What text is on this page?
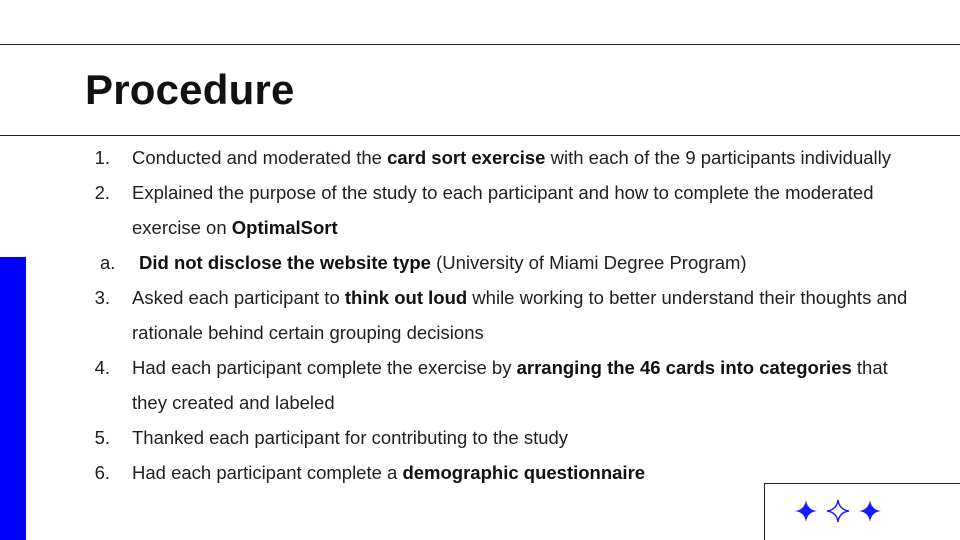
Procedure
1. Conducted and moderated the card sort exercise with each of the 9 participants individually
2. Explained the purpose of the study to each participant and how to complete the moderated exercise on OptimalSort
a. Did not disclose the website type (University of Miami Degree Program)
3. Asked each participant to think out loud while working to better understand their thoughts and rationale behind certain grouping decisions
4. Had each participant complete the exercise by arranging the 46 cards into categories that they created and labeled
5. Thanked each participant for contributing to the study
6. Had each participant complete a demographic questionnaire
